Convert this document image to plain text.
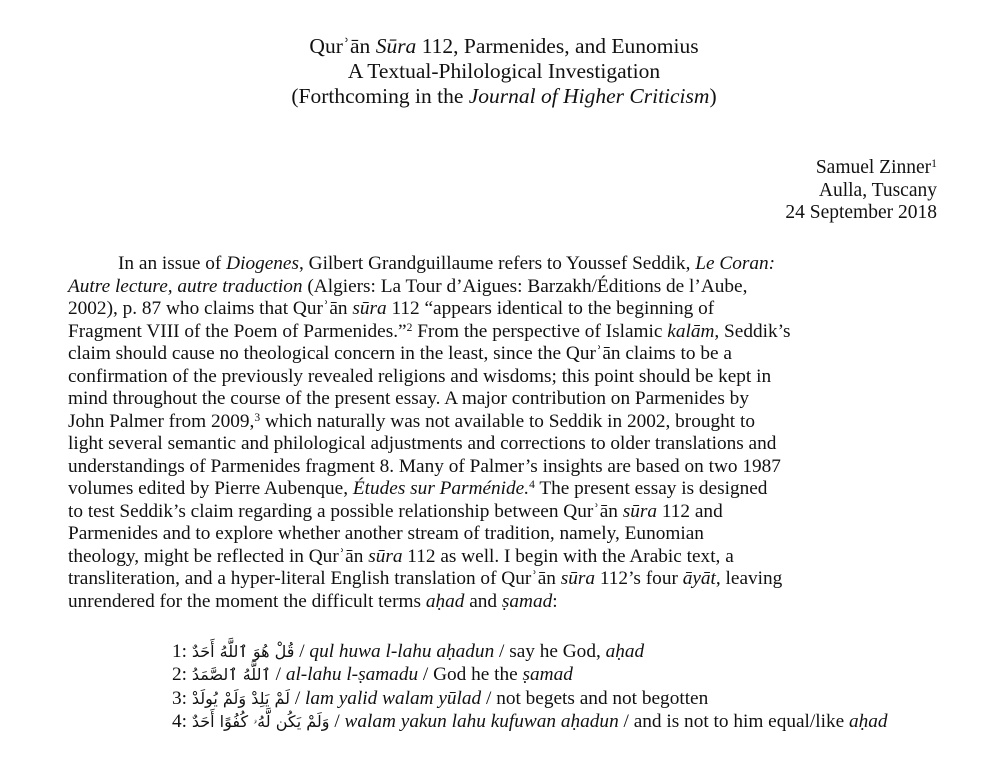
Qurʾān Sūra 112, Parmenides, and Eunomius
A Textual-Philological Investigation
(Forthcoming in the Journal of Higher Criticism)
Samuel Zinner$^1$
Aulla, Tuscany
24 September 2018
In an issue of Diogenes, Gilbert Grandguillaume refers to Youssef Seddik, Le Coran:
Autre lecture, autre traduction (Algiers: La Tour d’Aigues: Barzakh/Éditions de l’Aube,
2002), p. 87 who claims that Qurʾān sūra 112 “appears identical to the beginning of
Fragment VIII of the Poem of Parmenides.”$^2$ From the perspective of Islamic kalām, Seddik’s
claim should cause no theological concern in the least, since the Qurʾān claims to be a
confirmation of the previously revealed religions and wisdoms; this point should be kept in
mind throughout the course of the present essay. A major contribution on Parmenides by
John Palmer from 2009,$^3$ which naturally was not available to Seddik in 2002, brought to
light several semantic and philological adjustments and corrections to older translations and
understandings of Parmenides fragment 8. Many of Palmer’s insights are based on two 1987
volumes edited by Pierre Aubenque, Études sur Parménide.$^4$ The present essay is designed
to test Seddik’s claim regarding a possible relationship between Qurʾān sūra 112 and
Parmenides and to explore whether another stream of tradition, namely, Eunomian
theology, might be reflected in Qurʾān sūra 112 as well. I begin with the Arabic text, a
transliteration, and a hyper-literal English translation of Qurʾān sūra 112’s four āyāt, leaving
unrendered for the moment the difficult terms aḥad and ṣamad:
1: قُلْ هُوَ ٱللَّهُ أَحَدٌ / qul huwa l-lahu aḥadun / say he God, aḥad
2: ٱللَّهُ ٱلصَّمَدُ / al-lahu l-ṣamadu / God he the ṣamad
3: لَمْ يَلِدْ وَلَمْ يُولَدْ / lam yalid walam yūlad / not begets and not begotten
4: وَلَمْ يَكُن لَّهُۥ كُفُوًا أَحَدٌ / walam yakun lahu kufuwan aḥadun / and is not to him equal/like aḥad
